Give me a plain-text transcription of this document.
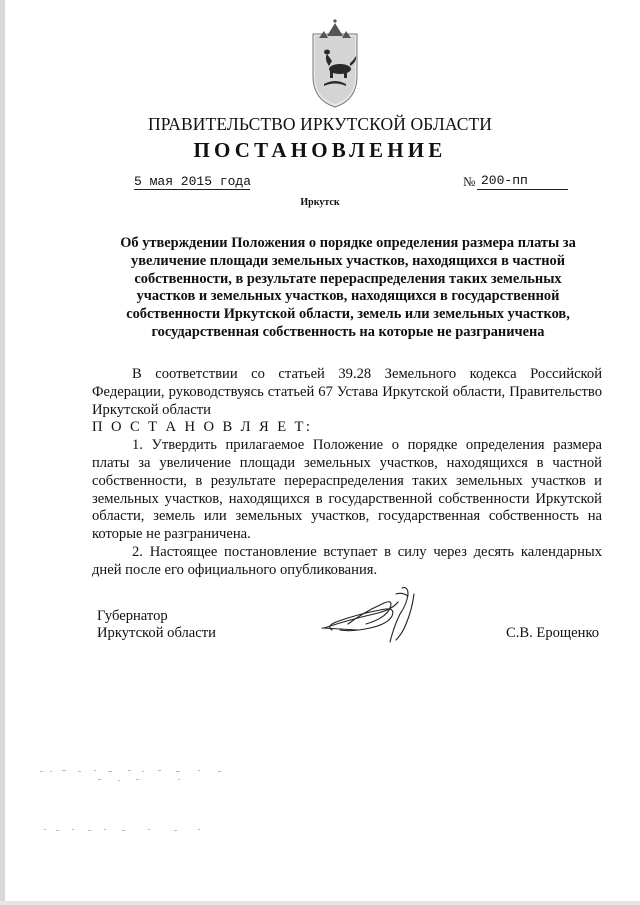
ПРАВИТЕЛЬСТВО ИРКУТСКОЙ ОБЛАСТИ
ПОСТАНОВЛЕНИЕ
5 мая 2015 года	№ 200-пп
Иркутск
Об утверждении Положения о порядке определения размера платы за
увеличение площади земельных участков, находящихся в частной
собственности, в результате перераспределения таких земельных
участков и земельных участков, находящихся в государственной
собственности Иркутской области, земель или земельных участков,
государственная собственность на которые не разграничена

В соответствии со статьей 39.28 Земельного кодекса Российской Федерации, руководствуясь статьей 67 Устава Иркутской области, Правительство Иркутской области

П О С Т А Н О В Л Я Е Т:

1. Утвердить прилагаемое Положение о порядке определения размера платы за увеличение площади земельных участков, находящихся в частной собственности, в результате перераспределения таких земельных участков и земельных участков, находящихся в государственной собственности Иркутской области, земель или земельных участков, государственная собственность на которые не разграничена.

2. Настоящее постановление вступает в силу через десять календарных дней после его официального опубликования.

Губернатор
Иркутской области	С.В. Ерощенко
